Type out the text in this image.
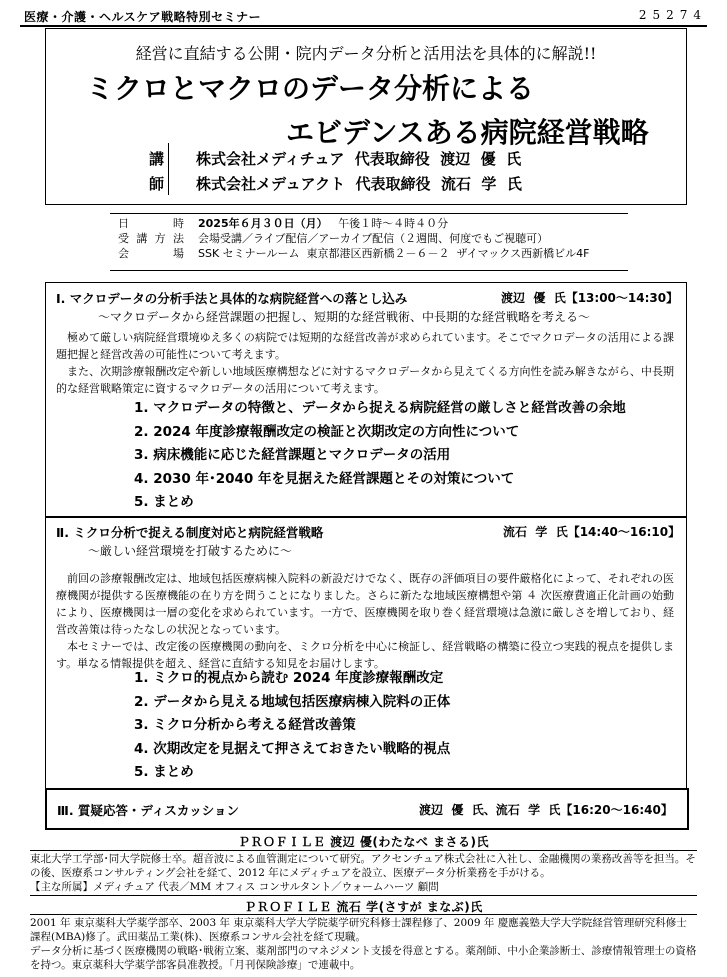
医療・介護・ヘルスケア戦略特別セミナー	25274
経営に直結する公開・院内データ分析と活用法を具体的に解説!!
ミクロとマクロのデータ分析による
エビデンスある病院経営戦略
講
師
株式会社メディチュア  代表取締役  渡辺  優  氏
株式会社メデュアクト  代表取締役  流石  学  氏
日　時 2025年６月３０日（月） 午後１時～４時４０分
受講方法 会場受講／ライブ配信／アーカイブ配信（２週間、何度でもご視聴可）
会　場 SSK セミナールーム  東京都港区西新橋２－６－２  ザイマックス西新橋ビル4F
Ⅰ. マクロデータの分析手法と具体的な病院経営への落とし込み	渡辺  優  氏【13:00～14:30】
～マクロデータから経営課題の把握し、短期的な経営戦術、中長期的な経営戦略を考える～

極めて厳しい病院経営環境ゆえ多くの病院では短期的な経営改善が求められています。そこでマクロデータの活用による課題把握と経営改善の可能性について考えます。

また、次期診療報酬改定や新しい地域医療構想などに対するマクロデータから見えてくる方向性を読み解きながら、中長期的な経営戦略策定に資するマクロデータの活用について考えます。

1. マクロデータの特徴と、データから捉える病院経営の厳しさと経営改善の余地
2. 2024 年度診療報酬改定の検証と次期改定の方向性について
3. 病床機能に応じた経営課題とマクロデータの活用
4. 2030 年･2040 年を見据えた経営課題とその対策について
5. まとめ
Ⅱ. ミクロ分析で捉える制度対応と病院経営戦略	流石  学  氏【14:40～16:10】
～厳しい経営環境を打破するために～

前回の診療報酬改定は、地域包括医療病棟入院料の新設だけでなく、既存の評価項目の要件厳格化によって、それぞれの医療機関が提供する医療機能の在り方を問うことになりました。さらに新たな地域医療構想や第 ４ 次医療費適正化計画の始動により、医療機関は一層の変化を求められています。一方で、医療機関を取り巻く経営環境は急激に厳しさを増しており、経営改善策は待ったなしの状況となっています。

本セミナーでは、改定後の医療機関の動向を、ミクロ分析を中心に検証し、経営戦略の構築に役立つ実践的視点を提供します。単なる情報提供を超え、経営に直結する知見をお届けします。

1. ミクロ的視点から読む 2024 年度診療報酬改定
2. データから見える地域包括医療病棟入院料の正体
3. ミクロ分析から考える経営改善策
4. 次期改定を見据えて押さえておきたい戦略的視点
5. まとめ
Ⅲ. 質疑応答・ディスカッション	渡辺  優  氏、流石  学  氏【16:20～16:40】
ＰＲＯＦＩＬＥ 渡辺 優(わたなべ まさる)氏
東北大学工学部･同大学院修士卒。超音波による血管測定について研究。アクセンチュア株式会社に入社し、金融機関の業務改善等を担当。その後、医療系コンサルティング会社を経て、2012 年にメディチュアを設立、医療データ分析業務を手がける。
【主な所属】メディチュア 代表／MM オフィス コンサルタント／ウォームハーツ 顧問
ＰＲＯＦＩＬＥ 流石 学(さすが まなぶ)氏
2001 年 東京薬科大学薬学部卒、2003 年 東京薬科大学大学院薬学研究科修士課程修了、2009 年 慶應義塾大学大学院経営管理研究科修士課程(MBA)修了。武田薬品工業(株)、医療系コンサル会社を経て現職。
データ分析に基づく医療機関の戦略･戦術立案、薬剤部門のマネジメント支援を得意とする。薬剤師、中小企業診断士、診療情報管理士の資格を持つ。東京薬科大学薬学部客員准教授。「月刊保険診療」で連載中。
